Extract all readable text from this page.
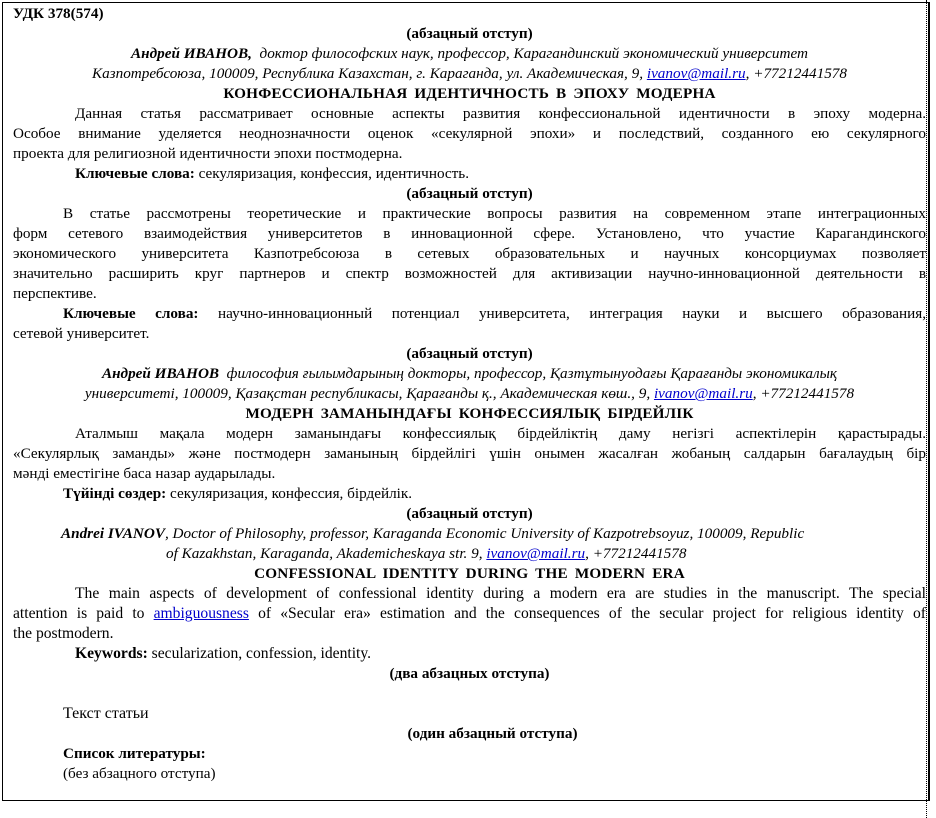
УДК 378(574)
(абзацный отступ)
Андрей ИВАНОВ, доктор философских наук, профессор, Карагандинский экономический университет
Казпотребсоюза, 100009, Республика Казахстан, г. Караганда, ул. Академическая, 9, ivanov@mail.ru, +77212441578
КОНФЕССИОНАЛЬНАЯ ИДЕНТИЧНОСТЬ В ЭПОХУ МОДЕРНА
Данная статья рассматривает основные аспекты развития конфессиональной идентичности в эпоху модерна.
Особое внимание уделяется неоднозначности оценок «секулярной эпохи» и последствий, созданного ею секулярного
проекта для религиозной идентичности эпохи постмодерна.
Ключевые слова: секуляризация, конфессия, идентичность.
(абзацный отступ)
В статье рассмотрены теоретические и практические вопросы развития на современном этапе интеграционных
форм сетевого взаимодействия университетов в инновационной сфере. Установлено, что участие Карагандинского
экономического университета Казпотребсоюза в сетевых образовательных и научных консорциумах позволяет
значительно расширить круг партнеров и спектр возможностей для активизации научно-инновационной деятельности в
перспективе.
Ключевые слова: научно-инновационный потенциал университета, интеграция науки и высшего образования,
сетевой университет.
(абзацный отступ)
Андрей ИВАНОВ философия ғылымдарының докторы, профессор, Қазтұтынуодағы Қарағанды экономикалық
университеті, 100009, Қазақстан республикасы, Қарағанды қ., Академическая көш., 9, ivanov@mail.ru, +77212441578
МОДЕРН ЗАМАНЫНДАҒЫ КОНФЕССИЯЛЫҚ БІРДЕЙЛІК
Аталмыш мақала модерн заманындағы конфессиялық бірдейліктің даму негізгі аспектілерін қарастырады.
«Секулярлық заманды» және постмодерн заманының бірдейлігі үшін онымен жасалған жобаның салдарын бағалаудың бір
мәнді еместігіне баса назар аударылады.
Түйінді сөздер: секуляризация, конфессия, бірдейлік.
(абзацный отступ)
Andrei IVANOV, Doctor of Philosophy, professor, Karaganda Economic University of Kazpotrebsoyuz, 100009, Republic
of Kazakhstan, Karaganda, Akademicheskaya str. 9, ivanov@mail.ru, +77212441578
CONFESSIONAL IDENTITY DURING THE MODERN ERA
The main aspects of development of confessional identity during a modern era are studies in the manuscript. The special
attention is paid to ambiguousness of «Secular era» estimation and the consequences of the secular project for religious identity of
the postmodern.
Keywords: secularization, confession, identity.
(два абзацных отступа)
Текст статьи
(один абзацный отступа)
Список литературы:
(без абзацного отступа)
